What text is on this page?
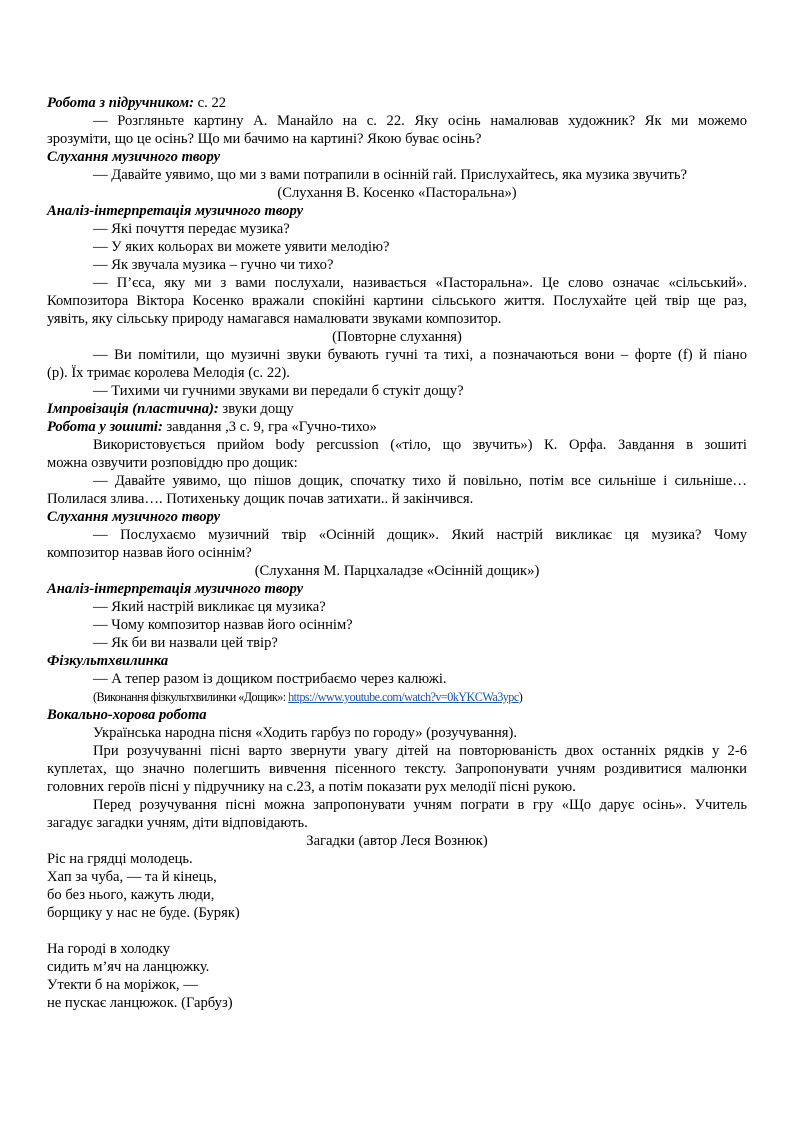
Робота з підручником: с. 22
— Розгляньте картину А. Манайло на с. 22. Яку осінь намалював художник? Як ми можемо
зрозуміти, що це осінь? Що ми бачимо на картині? Якою буває осінь?
Слухання музичного твору
— Давайте уявимо, що ми з вами потрапили в осінній гай. Прислухайтесь, яка музика звучить?
(Слухання В. Косенко «Пасторальна»)
Аналіз-інтерпретація музичного твору
— Які почуття передає музика?
— У яких кольорах ви можете уявити мелодію?
— Як звучала музика – гучно чи тихо?
— П’єса, яку ми з вами послухали, називається «Пасторальна». Це слово означає «сільський».
Композитора Віктора Косенко вражали спокійні картини сільського життя. Послухайте цей твір ще раз,
уявіть, яку сільську природу намагався намалювати звуками композитор.
(Повторне слухання)
— Ви помітили, що музичні звуки бувають гучні та тихі, а позначаються вони – форте (f) й піано
(p). Їх тримає королева Мелодія (с. 22).
— Тихими чи гучними звуками ви передали б стукіт дощу?
Імпровізація (пластична): звуки дощу
Робота у зошиті: завдання ,3 с. 9, гра «Гучно-тихо»
Використовується прийом body percussion («тіло, що звучить») К. Орфа. Завдання в зошиті
можна озвучити розповіддю про дощик:
— Давайте уявимо, що пішов дощик, спочатку тихо й повільно, потім все сильніше і сильніше…
Полилася злива…. Потихеньку дощик почав затихати.. й закінчився.
Слухання музичного твору
— Послухаємо музичний твір «Осінній дощик». Який настрій викликає ця музика? Чому
композитор назвав його осіннім?
(Слухання М. Парцхаладзе «Осінній дощик»)
Аналіз-інтерпретація музичного твору
— Який настрій викликає ця музика?
— Чому композитор назвав його осіннім?
— Як би ви назвали цей твір?
Фізкультхвилинка
— А тепер разом із дощиком пострибаємо через калюжі.
(Виконання фізкультхвилинки «Дощик»: https://www.youtube.com/watch?v=0kYKCWa3ypc)
Вокально-хорова робота
Українська народна пісня «Ходить гарбуз по городу» (розучування).
При розучуванні пісні варто звернути увагу дітей на повторюваність двох останніх рядків у 2-6
куплетах, що значно полегшить вивчення пісенного тексту. Запропонувати учням роздивитися малюнки
головних героїв пісні у підручнику на с.23, а потім показати рух мелодії пісні рукою.
Перед розучування пісні можна запропонувати учням пограти в гру «Що дарує осінь». Учитель
загадує загадки учням, діти відповідають.
Загадки (автор Леся Вознюк)
Ріс на грядці молодець.
Хап за чуба, — та й кінець,
бо без нього, кажуть люди,
борщику у нас не буде. (Буряк)
На городі в холодку
сидить м’яч на ланцюжку.
Утекти б на моріжок, —
не пускає ланцюжок. (Гарбуз)
